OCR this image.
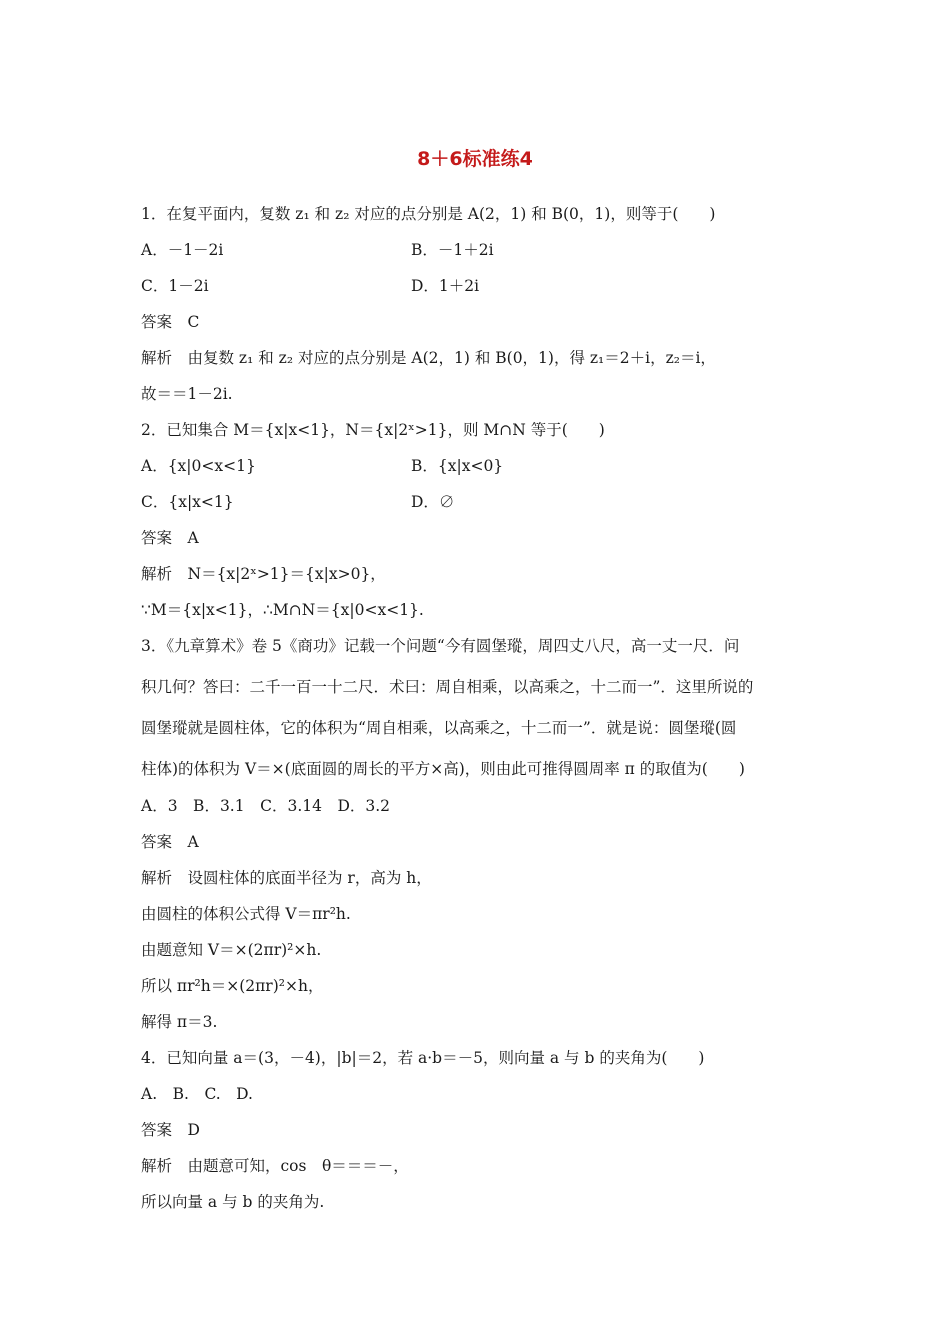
8＋6标准练4
1．在复平面内，复数 z₁ 和 z₂ 对应的点分别是 A(2，1) 和 B(0，1)，则等于(　　)
A．－1－2i	B．－1＋2i
C．1－2i	D．1＋2i
答案　C
解析　由复数 z₁ 和 z₂ 对应的点分别是 A(2，1) 和 B(0，1)，得 z₁＝2＋i，z₂＝i，
故＝＝1－2i.
2．已知集合 M＝{x|x<1}，N＝{x|2ˣ>1}，则 M∩N 等于(　　)
A．{x|0<x<1}	B．{x|x<0}
C．{x|x<1}	D．∅
答案　A
解析　N＝{x|2ˣ>1}＝{x|x>0}，
∵M＝{x|x<1}，∴M∩N＝{x|0<x<1}.
3．《九章算术》卷 5《商功》记载一个问题“今有圆堡瑽，周四丈八尺，高一丈一尺．问
积几何？答曰：二千一百一十二尺．术曰：周自相乘，以高乘之，十二而一”．这里所说的
圆堡瑽就是圆柱体，它的体积为“周自相乘，以高乘之，十二而一”．就是说：圆堡瑽(圆
柱体)的体积为 V＝×(底面圆的周长的平方×高)，则由此可推得圆周率 π 的取值为(　　)
A．3　B．3.1　C．3.14　D．3.2
答案　A
解析　设圆柱体的底面半径为 r，高为 h，
由圆柱的体积公式得 V＝πr²h.
由题意知 V＝×(2πr)²×h.
所以 πr²h＝×(2πr)²×h，
解得 π＝3.
4．已知向量 a＝(3，－4)，|b|＝2，若 a·b＝－5，则向量 a 与 b 的夹角为(　　)
A.　B.　C.　D.
答案　D
解析　由题意可知，cos　θ＝＝＝－，
所以向量 a 与 b 的夹角为.
